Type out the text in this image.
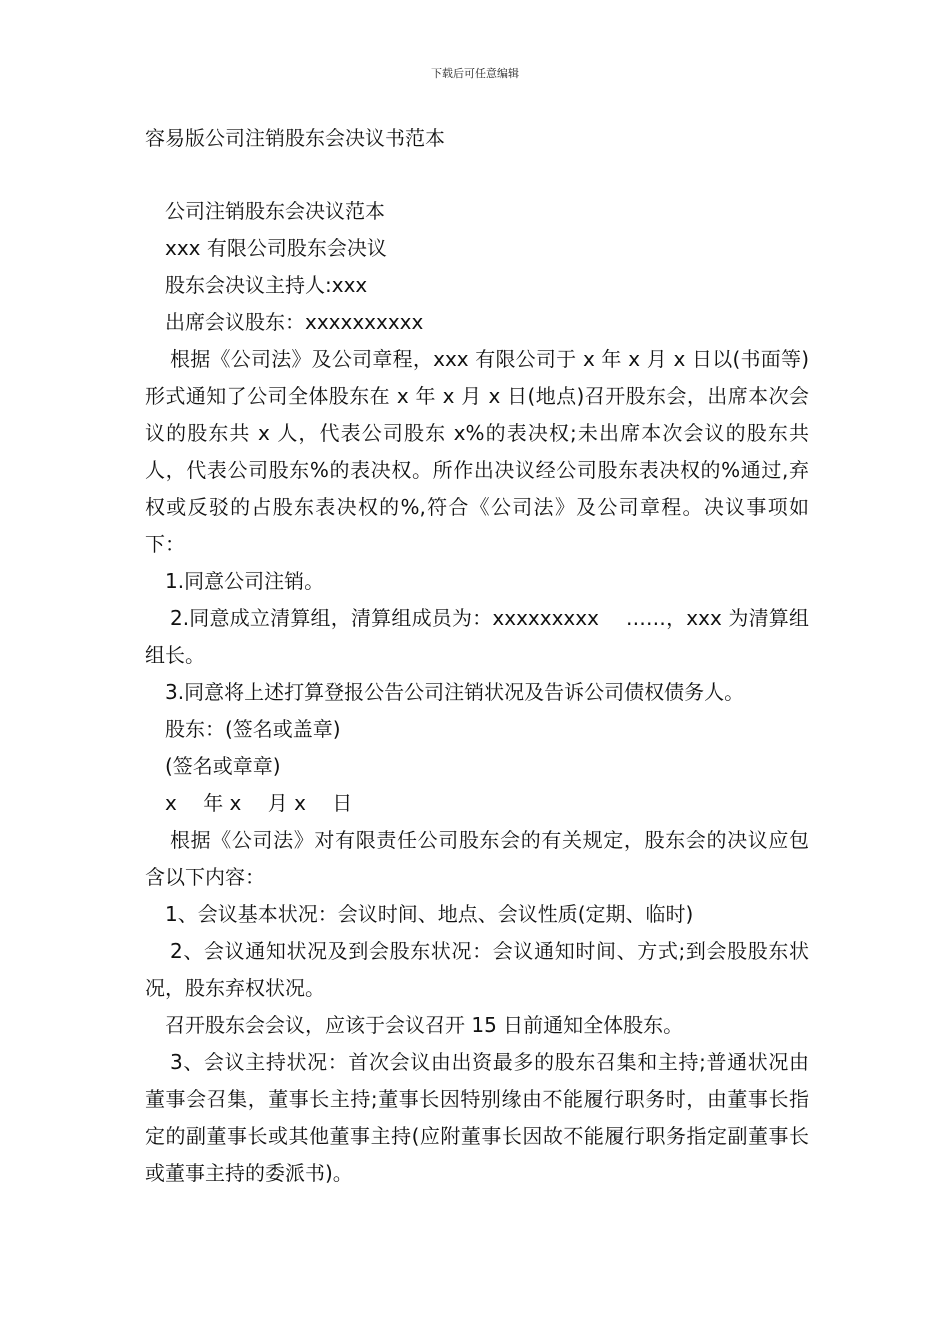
下载后可任意编辑
容易版公司注销股东会决议书范本

公司注销股东会决议范本

xxx 有限公司股东会决议

股东会决议主持人:xxx

出席会议股东：xxxxxxxxxx

根据《公司法》及公司章程，xxx 有限公司于 x 年 x 月 x 日以(书面等)形式通知了公司全体股东在 x 年 x 月 x 日(地点)召开股东会，出席本次会议的股东共 x 人，代表公司股东 x%的表决权;未出席本次会议的股东共人，代表公司股东%的表决权。所作出决议经公司股东表决权的%通过,弃权或反驳的占股东表决权的%,符合《公司法》及公司章程。决议事项如下：

1.同意公司注销。

2.同意成立清算组，清算组成员为：xxxxxxxxx　 ……，xxx 为清算组组长。

3.同意将上述打算登报公告公司注销状况及告诉公司债权债务人。

股东：(签名或盖章)

(签名或章章)

x　 年 x　 月 x　 日

根据《公司法》对有限责任公司股东会的有关规定，股东会的决议应包含以下内容：

1、会议基本状况：会议时间、地点、会议性质(定期、临时)

2、会议通知状况及到会股东状况：会议通知时间、方式;到会股股东状况，股东弃权状况。

召开股东会会议，应该于会议召开 15 日前通知全体股东。

3、会议主持状况：首次会议由出资最多的股东召集和主持;普通状况由董事会召集，董事长主持;董事长因特别缘由不能履行职务时，由董事长指定的副董事长或其他董事主持(应附董事长因故不能履行职务指定副董事长或董事主持的委派书)。
